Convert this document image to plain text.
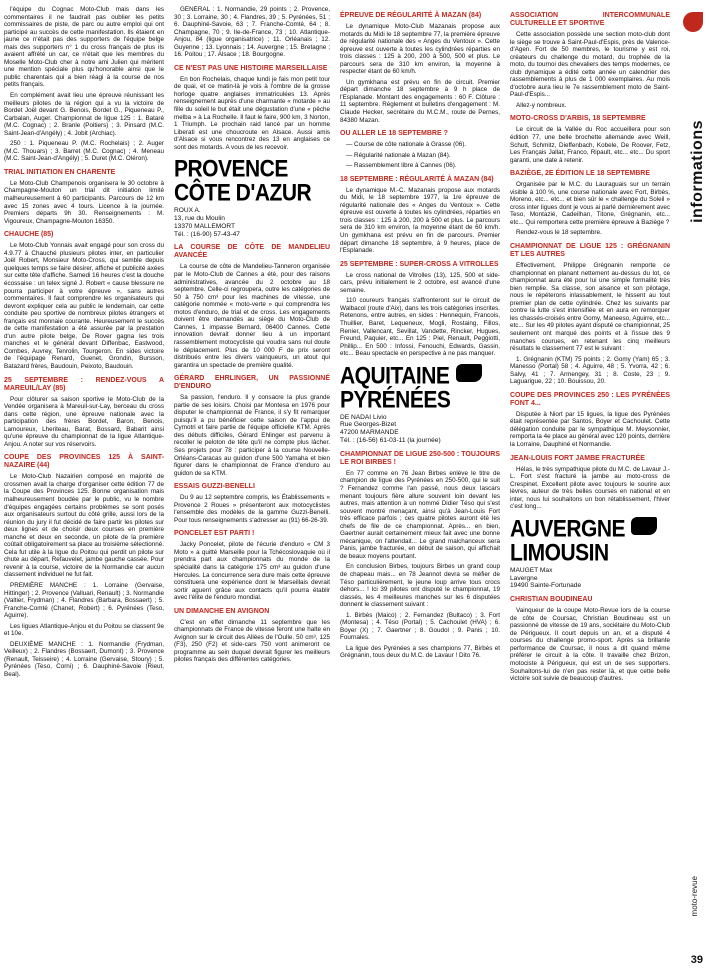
l'équipe du Cognac Moto-Club mais dans les commentaires il ne faudrait pas oublier les petits commissaires de piste, de parc ou autre emploi qui ont participé au succès de cette manifestation. Ils étaient en jaune ce n'était pas des supporters de l'équipe belge mais des supporters n° 1 du cross français de plus ils avaient affrété un car, ce n'était que les membres du Moselle Moto-Club cher à notre ami Julien qui méritent une mention spéciale plus qu'honorable ainsi que le public charentais qui a bien réagi à la course de nos petits français.

En complément avait lieu une épreuve réunissant les meilleurs pilotes de la région qui a vu la victoire de Bordet Joël devant G. Benois, Bordet G., Piqueneau P., Carbalan, Auger. Championnat de ligue 125 : 1. Bataré (M.C. Cognac) ; 2. Branle (Poitiers) ; 3. Pinsard (M.C. Saint-Jean-d'Angély) ; 4. Jobit (Archiac).

250 : 1. Piqueneau P. (M.C. Rochelais) ; 2. Auger (M.C. Thouars) ; 3. Barret (M.C. Cognac) ; 4. Meneau (M.C. Saint-Jean-d'Angély) ; 5. Duret (M.C. Oléron).

TRIAL INITIATION EN CHARENTE

Le Moto-Club Champenois organisera le 30 octobre à Champagne-Mouton un trial dit initiation limité malheureusement à 60 participants. Parcours de 12 km avec 15 zones avec 4 tours. Licence à la journée. Premiers départs 9h 30. Renseignements : M. Vigoureux, Champagne-Mouton 16350.

CHAUCHE (85)

Le Moto-Club Yonnais avait engagé pour son cross du 4.9.77 à Chauché plusieurs pilotes inter, en particulier Joël Robert, Monsieur Moto-Cross, qui semble depuis quelques temps se faire désirer, affiche et publicité axées sur cette tête d'affiche. Samedi 16 heures c'est la douche écossaise : un telex signé J. Robert « cause blessure ne pourra participer à votre épreuve », sans autres commentaires. Il faut comprendre les organisateurs qui devront expliquer cela au public le lendemain, car cette conduite peu sportive de nombreux pilotes étrangers et français est monnaie courante. Heureusement le succès de cette manifestation a été assurée par la prestation d'un autre pilote belge, De Rover gagna les trois manches et le général devant Diffenbac, Eastwood, Combes, Auvrey, Tenrolin, Tourgeron. En sides victoire de l'équipage Renard, Guenet, Grondin, Bursson, Batazard frères, Baudouin, Peixoto, Baudouin.

25 SEPTEMBRE : RENDEZ-VOUS A MAREUIL/LAY (85)

Pour clôturer sa saison sportive le Moto-Club de la Vendée organisera à Mareuil-sur-Lay, berceau du cross dans cette région, une épreuve nationale avec la participation des frères Bordet, Baron, Benois, Lamoureux, Lheriteau, Barat, Bossard, Babarit ainsi qu'une épreuve du championnat de la ligue Atlantique-Anjou. A noter sur vos réservoirs.

COUPE DES PROVINCES 125 À SAINT-NAZAIRE (44)

Le Moto-Club Nazairien composé en majorité de crossmen avait la charge d'organiser cette édition 77 de la Coupe des Provinces 125. Bonne organisation mais malheureusement boudée par le public, vu le nombre d'équipes engagées certains problèmes se sont posés aux organisateurs surtout du côté grille, aussi lors de la réunion du jury il fut décidé de faire partir les pilotes sur deux lignes et de choisir deux courses en première manche et deux en seconde, un pilote de la première coûtait obligatoirement sa place au troisième sélectionné. Cela fut utile à la ligue du Poitou qui perdit un pilote sur chute au départ, Refauvelet, jambe gauche cassée. Pour revenir à la course, victoire de la Normandie car aucun classement individuel ne fut fait.

PREMIÈRE MANCHE : 1. Lorraine (Gervaise, Hittinger) ; 2. Provence (Valluari, Renault) ; 3. Normandie (Valtier, Frydman) ; 4. Flandres (Barbara, Bossaert) ; 5. Franche-Comté (Chanet, Robert) ; 6. Pyrénées (Teso, Aguirre).

Les ligues Atlantique-Anjou et du Poitou se classent 9e et 10e.

DEUXIÈME MANCHE : 1. Normandie (Frydman, Veilleux) ; 2. Flandres (Bossaert, Dumont) ; 3. Provence (Renault, Teisseire) ; 4. Lorraine (Gervaise, Stoury) ; 5. Pyrénées (Teso, Corni) ; 6. Dauphiné-Savoie (Rieut, Beal).

GÉNÉRAL : 1. Normandie, 29 points ; 2. Provence, 30 ; 3. Lorraine, 30 ; 4. Flandres, 39 ; 5. Pyrénées, 51 ; 6. Dauphiné-Savoie, 63 ; 7. Franche-Comté, 64 ; 8. Champagne, 70 ; 9. Ile-de-France, 73 ; 10. Atlantique-Anjou, 84 (ligue organisatrice) ; 11. Orléanais ; 12. Guyenne ; 13. Lyonnais ; 14. Auvergne ; 15. Bretagne ; 16. Poitou ; 17. Alsace ; 18. Bourgogne.

CE N'EST PAS UNE HISTOIRE MARSEILLAISE

En bon Rochelais, chaque lundi je fais mon petit tour de quai, et ce matin-là je vois à l'ombre de la grosse horloge quatre anglaises immatriculées 13. Après renseignement auprès d'une charmante « motarde » au fille du soleil le but était une dégustation d'une « pêche melba » à La Rochelle. Il faut le faire, 900 km, 3 Norton, 1 Triumph. Le prochain raid lancé par un homme Liberati est une choucroute en Alsace. Aussi amis d'Alsace si vous rencontrez des 13 en anglaises ce sont des motards. A vous de les recevoir.

PROVENCE
CÔTE D'AZUR
ROUX A.
13, rue du Moulin
13370 MALLEMORT
Tél. : (16-90) 57-43-47
LA COURSE DE CÔTE DE MANDELIEU AVANCÉE

La course de côte de Mandelieu-Tanneron organisée par le Moto-Club de Cannes a été, pour des raisons administratives, avancée du 2 octobre au 18 septembre. Celle-ci regroupera, outre les catégories de 50 à 750 cm³ pour les machines de vitesse, une catégorie nommée « moto-verte » qui comprendra les motos d'enduro, de trial et de cross. Les engagements doivent être demandés au siège du Moto-Club de Cannes, 1 impasse Bernard, 06400 Cannes. Cette innovation devrait donner lieu à un important rassemblement motocycliste qui voudra sans nul doute le déplacement. Plus de 10 000 F de prix seront distribués entre les divers vainqueurs, un atout qui garantira un spectacle de première qualité.

GÉRARD EHRLINGER, UN PASSIONNÉ D'ENDURO

Sa passion, l'enduro. Il y consacre la plus grande partie de ses loisirs. Choisi par Montesa en 1976 pour disputer le championnat de France, il s'y fit remarquer puisqu'il a pu bénéficier cette saison de l'appui de Cymotri et faire partie de l'équipe officielle KTM. Après des débuts difficiles, Gérard Ehlinger est parvenu à recoller le peloton de tête qu'il ne compte plus lâcher. Ses projets pour 78 : participer à la course Nouvelle-Orléans-Caracas au guidon d'une 500 Yamaha et bien figurer dans le championnat de France d'enduro au guidon de sa KTM.

ESSAIS GUZZI-BENELLI

Du 9 au 12 septembre compris, les Établissements « Provence 2 Roues » présenteront aux motocyclistes l'ensemble des modèles de la gamme Guzzi-Benelli. Pour tous renseignements s'adresser au (91) 66-26-39.

PONCELET EST PARTI !

Jacky Poncelet, pilote de l'écurie d'enduro « CM 3 Moto » a quitté Marseille pour la Tchécoslovaquie où il prendra part aux championnats du monde de la spécialité dans la catégorie 175 cm³ au guidon d'une Hercules. La concurrence sera dure mais cette épreuve constituera une expérience dont le Marseillais devrait sortir aguerri grâce aux contacts qu'il pourra établir avec l'élite de l'enduro mondial.

UN DIMANCHE EN AVIGNON

C'est en effet dimanche 11 septembre que les championnats de France de vitesse feront une halte en Avignon sur le circuit des Allées de l'Oulle. 50 cm³, 125 (F3), 250 (F2) et side-cars 750 vont animeront ce programme au sein duquel devrait figurer les meilleurs pilotes français des différentes catégories.

ÉPREUVE DE RÉGULARITÉ À MAZAN (84)

Le dynamique Moto-Club Mazanais propose aux motards du Midi le 18 septembre 77, la première épreuve de régularité nationale des « Anges du Ventoux ». Cette épreuve est ouverte à toutes les cylindrées réparties en trois classes : 125 à 200, 200 à 500, 500 et plus. Le parcours sera de 310 km environ, la moyenne à respecter étant de 60 km/h.

Un gymkhana est prévu en fin de circuit. Premier départ dimanche 18 septembre à 9 h place de l'Esplanade. Montant des engagements : 60 F. Clôture : 11 septembre. Règlement et bulletins d'engagement : M. Claude Hecker, secrétaire du M.C.M., route de Pernes, 84380 Mazan.

OU ALLER LE 18 SEPTEMBRE ?

— Course de côte nationale à Grasse (06).

— Régularité nationale à Mazan (84).

— Rassemblement libre à Cannes (06).

18 SEPTEMBRE : RÉGULARITÉ À MAZAN (84)

Le dynamique M.-C. Mazanais propose aux motards du Midi, le 18 septembre 1977, la 1re épreuve de régularité nationale des « Anges du Ventoux ». Cette épreuve est ouverte à toutes les cylindrées, réparties en trois classes : 125 à 200, 200 à 500 et plus. Le parcours sera de 310 km environ, la moyenne étant de 60 km/h. Un gymkhana est prévu en fin de parcours. Premier départ dimanche 18 septembre, à 9 heures, place de l'Esplanade.

25 SEPTEMBRE : SUPER-CROSS A VITROLLES

Le cross national de Vitrolles (13), 125, 500 et side-cars, prévu initialement le 2 octobre, est avancé d'une semaine.

110 coureurs français s'affronteront sur le circuit de Walbacol (route d'Aix), dans les trois catégories inscrites. Retenons, entre autres, en sides : Hennequin, Francois, Thuillier, Baret, Lequeneux, Mogli, Rostaing, Fillos, Renier, Vallencant, Sevillat, Vandette, Rincker, Hugues, Freund, Paquier, etc... En 125 : Piel, Renault, Peggiotti, Phillip... En 500 : Infossi, Fenouchi, Edwards, Gassin, etc... Beau spectacle en perspective à ne pas manquer.

AQUITAINE
PYRÉNÉES
DE NADAI Livio
Rue Georges-Bizet
47200 MARMANDE
Tél. : (16-56) 61-03-11 (la journée)
CHAMPIONNAT DE LIGUE 250-500 : TOUJOURS LE ROI BIRBES !

En 77 comme en 76 Jean Birbes enlève le titre de champion de ligue des Pyrénées en 250-500, qui le suit ? Fernandez comme l'an passé, nous deux lascars menant toujours fière allure souvent loin devant les autres, mais attention à un nommé Didier Téso qui s'est souvent montré menaçant, ainsi qu'à Jean-Louis Fort très efficace parfois ; ces quatre pilotes auront été les chefs de file de ce championnat. Après... en bien, Gaertner aurait certainement mieux fait avec une bonne mécanique, on l'attendait... Le grand malchanceux sera Panis, jambe fracturée, en début de saison, qui affichait de beaux moyens pourtant.

En conclusion Birbes, toujours Birbes un grand coup de chapeau mais... en 78 Jeannot devra se méfier de Téso particulièrement, le jeune loup arrive tous crocs dehors... ! Ici 39 pilotes ont disputé le championnat, 19 classés, les 4 meilleures manches sur les 6 disputées donnent le classement suivant :

1. Birbès (Maico) ; 2. Fernandez (Bultaco) ; 3. Fort (Montesa) ; 4. Téso (Portal) ; 5. Cachoulet (HVA) ; 6. Boyer (X) ; 7. Gaertner ; 8. Goudol ; 9. Panis ; 10. Fournales.

La ligue des Pyrénées a ses champions 77, Birbès et Grégnanin, tous deux du M.C. de Lavaur ! Dito 76.

ASSOCIATION INTERCOMMUNALE CULTURELLE ET SPORTIVE

Cette association possède une section moto-club dont le siège se trouve à Saint-Paul-d'Espis, près de Valence-d'Agen. Fort de 50 membres, le tourisme y est roi, créateurs du challenge du motard, du trophée de la moto, du tournoi des chevaliers des temps modernes, ce club dynamique a édité cette année un calendrier des rassemblements à plus de 1 000 exemplaires. Au mois d'octobre aura lieu le 7e rassemblement moto de Saint-Paul-d'Espis...

Allez-y nombreux.

MOTO-CROSS D'ARBIS, 18 SEPTEMBRE

Le circuit de la Vallée du Roc accueillera pour son édition 77, une belle brochette allemande avec Weill, Schutt, Schmitz, Dieffenbach, Kobele, De Roover, Fetz, Les Français Jallat, Franco, Ripault, etc... etc... Du sport garanti, une date à retenir.

BAZIÈGE, 2E ÉDITION LE 18 SEPTEMBRE

Organisée par le M.C. du Lauraguais sur un terrain visible à 100 %, une course nationale avec Fort, Birbès, Moreno, etc... etc... et bien sûr le « challenge du Soleil » cross inter ligues dont je vous ai parlé dernièrement avec Teso, Montazié, Cadeilhan, Titone, Grégnanin, etc... etc... Qui remportera cette première épreuve à Baziège ?

Rendez-vous le 18 septembre.

CHAMPIONNAT DE LIGUE 125 : GRÉGNANIN ET LES AUTRES

Effectivement, Philippe Grégnanin remporte ce championnat en planant nettement au-dessus du lot, ce championnat aura été pour lui une simple formalité très bien remplie. Sa classe, son aisance et son pilotage, nous le répéterons inlassablement, le hissent au tout premier plan de cette cylindrée. Chez les suivants par contre la lutte s'est intensifiée et en aura en remorquer les chassés-croisés entre Gomy, Maneeso, Aguirre, etc... etc... Sur les 49 pilotes ayant disputé ce championnat, 25 seulement ont marqué des points et à l'issue des 9 manches courues, en retenant les cinq meilleurs résultats le classement 77 est le suivant :

1. Grégnanin (KTM) 75 points ; 2. Gomy (Yam) 65 ; 3. Manesso (Portal) 58 ; 4. Aguirre, 48 ; 5. Yvorra, 42 ; 6. Salvy, 41 ; 7. Armengey, 31 ; 8. Coste, 23 ; 9. Laguarigue, 22 ; 10. Bouissou, 20.

COUPE DES PROVINCES 250 : LES PYRÉNÉES FONT 4...

Disputée à Niort par 15 ligues, la ligue des Pyrénées était représentée par Santos, Boyer et Cachoulet. Cette délégation conduite par le sympathique M. Meysonnier, remporta la 4e place au général avec 120 points, derrière la Lorraine, Dauphiné et Normandie.

JEAN-LOUIS FORT JAMBE FRACTURÉE

Hélas, le très sympathique pilote du M.C. de Lavaur J.-L. Fort s'est fracturé la jambe au moto-cross de Crespinet. Excellent pilote avec toujours le sourire aux lèvres, auteur de très belles courses en national et en inter, nous lui souhaitons un bon rétablissement, l'hiver c'est long...

AUVERGNE
LIMOUSIN
MAUGET Max
Lavergne
19490 Sainte-Fortunade
CHRISTIAN BOUDINEAU

Vainqueur de la coupe Moto-Revue lors de la course de côte de Coursac, Christian Boudineau est un passionné de vitesse de 19 ans, sociétaire du Moto-Club de Périgueux. Il court depuis un an, et a disputé 4 courses du challenge promo-sport. Après sa brillante performance de Coursac, il nous a dit quand même préférer le circuit à la côte. Il travaille chez Brizon, motociste à Périgueux, qui est un de ses supporters. Souhaitons-lui de n'en pas rester là, et que cette belle victoire soit suivie de beaucoup d'autres.

informations
moto-revue
39
